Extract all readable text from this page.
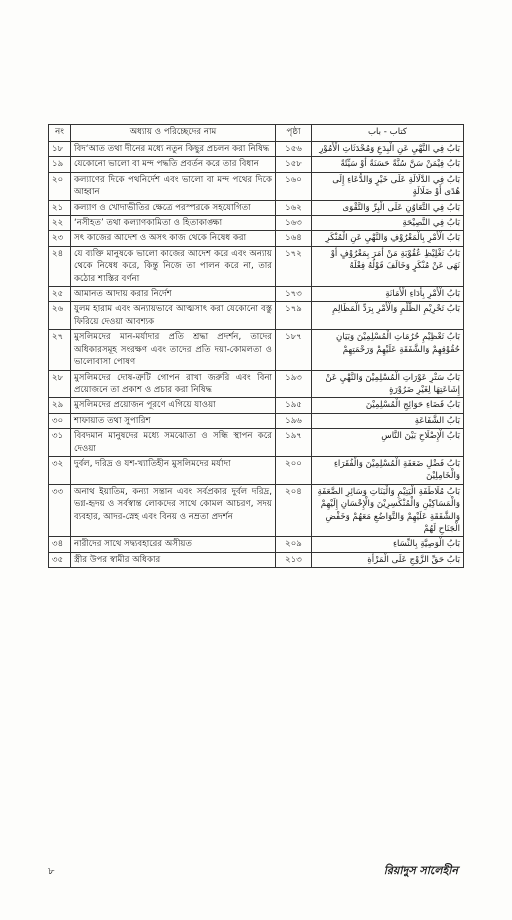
নং	অধ্যায় ও পরিচ্ছেদের নাম	পৃষ্ঠা	كتاب - باب
১৮	বিদ‘আত তথা দীনের মধ্যে নতুন কিছুর প্রচলন করা নিষিদ্ধ	১৫৬	بَابُ فِي النَّهْيِ عَنِ الْبِدَعِ وَمُحْدَثَاتِ الْأُمُوْرِ
১৯	যেকোনো ভালো বা মন্দ পদ্ধতি প্রবর্তন করে তার বিধান	১৫৮	بَابُ فِيْمَنْ سَنَّ سُنَّةً حَسَنَةً أَوْ سَيِّئَةً
২০	কল্যাণের দিকে পথনির্দেশ এবং ভালো বা মন্দ পথের দিকে আহ্বান	১৬০	بَابُ فِي الدَّلَالَةِ عَلَى خَيْرٍ وَالدُّعَاءِ إِلَى هُدًى أَوْ ضَلَالَةٍ
২১	কল্যাণ ও খোদাভীতির ক্ষেত্রে পরস্পরকে সহযোগিতা	১৬২	بَابُ فِي التَّعَاوُنِ عَلَى الْبِرِّ وَالتَّقْوَى
২২	‘নসীহত’ তথা কল্যাণকামিতা ও হিতাকাঙ্ক্ষা	১৬৩	بَابُ فِي النَّصِيْحَةِ
২৩	সৎ কাজের আদেশ ও অসৎ কাজ থেকে নিষেধ করা	১৬৪	بَابُ الْأَمْرِ بِالْمَعْرُوْفِ وَالنَّهْيِ عَنِ الْمُنْكَرِ
২৪	যে ব্যক্তি মানুষকে ভালো কাজের আদেশ করে এবং অন্যায় থেকে নিষেধ করে, কিন্তু নিজে তা পালন করে না, তার কঠোর শাস্তির বর্ণনা	১৭২	بَابُ تَغْلِيْظِ عُقُوْبَةِ مَنْ أَمَرَ بِمَعْرُوْفٍ أَوْ نَهَى عَنْ مُنْكَرٍ وَخَالَفَ قَوْلُهُ فِعْلَهُ
২৫	আমানত আদায় করার নির্দেশ	১৭৩	بَابُ الْأَمْرِ بِأَدَاءِ الْأَمَانَةِ
২৬	যুলম হারাম এবং অন্যায়ভাবে আত্মসাৎ করা যেকোনো বস্তু ফিরিয়ে দেওয়া আবশ্যক	১৭৯	بَابُ تَحْرِيْمِ الظُّلْمِ وَالْأَمْرِ بِرَدِّ الْمَظَالِمِ
২৭	মুসলিমদের মান-মর্যাদার প্রতি শ্রদ্ধা প্রদর্শন, তাদের অধিকারসমূহ সংরক্ষণ এবং তাদের প্রতি দয়া-কোমলতা ও ভালোবাসা পোষণ	১৮৭	بَابُ تَعْظِيْمِ حُرُمَاتِ الْمُسْلِمِيْنَ وَبَيَانِ حُقُوْقِهِمْ وَالشَّفَقَةِ عَلَيْهِمْ وَرَحْمَتِهِمْ
২৮	মুসলিমদের দোষ-ত্রুটি গোপন রাখা জরুরি এবং বিনা প্রয়োজনে তা প্রকাশ ও প্রচার করা নিষিদ্ধ	১৯৩	بَابُ سَتْرِ عَوْرَاتِ الْمُسْلِمِيْنَ وَالنَّهْيِ عَنْ إِشَاعَتِهَا لِغَيْرِ ضَرُوْرَةٍ
২৯	মুসলিমদের প্রয়োজন পূরণে এগিয়ে যাওয়া	১৯৫	بَابُ قَضَاءِ حَوَائِجِ الْمُسْلِمِيْنَ
৩০	শাফায়াত তথা সুপারিশ	১৯৬	بَابُ الشَّفَاعَةِ
৩১	বিবদমান মানুষদের মধ্যে সমঝোতা ও সন্ধি স্থাপন করে দেওয়া	১৯৭	بَابُ الْإِصْلَاحِ بَيْنَ النَّاسِ
৩২	দুর্বল, দরিদ্র ও যশ-খ্যাতিহীন মুসলিমদের মর্যাদা	২০০	بَابُ فَضْلِ ضَعَفَةِ الْمُسْلِمِيْنَ وَالْفُقَرَاءِ وَالْخَامِلِيْنَ
৩৩	অনাথ ইয়াতিম, কন্যা সন্তান এবং সর্বপ্রকার দুর্বল দরিদ্র, ভগ্ন-হৃদয় ও সর্বস্বান্ত লোকদের সাথে কোমল আচরণ, সদয় ব্যবহার, আদর-স্নেহ এবং বিনয় ও নম্রতা প্রদর্শন	২০৪	بَابُ مُلَاطَفَةِ الْيَتِيْمِ وَالْبَنَاتِ وَسَائِرِ الضَّعَفَةِ وَالْمَسَاكِيْنِ وَالْمُنْكَسِرِيْنَ وَالْإِحْسَانِ إِلَيْهِمْ وَالشَّفَقَةِ عَلَيْهِمْ وَالتَّوَاضُعِ مَعَهُمْ وَخَفْضِ الْجَنَاحِ لَهُمْ
৩৪	নারীদের সাথে সদ্ব্যবহারের অসীয়ত	২০৯	بَابُ الْوَصِيَّةِ بِالنِّسَاءِ
৩৫	স্ত্রীর উপর স্বামীর অধিকার	২১৩	بَابُ حَقِّ الزَّوْجِ عَلَى الْمَرْأَةِ
৮	রিয়াদুস সালেহীন
